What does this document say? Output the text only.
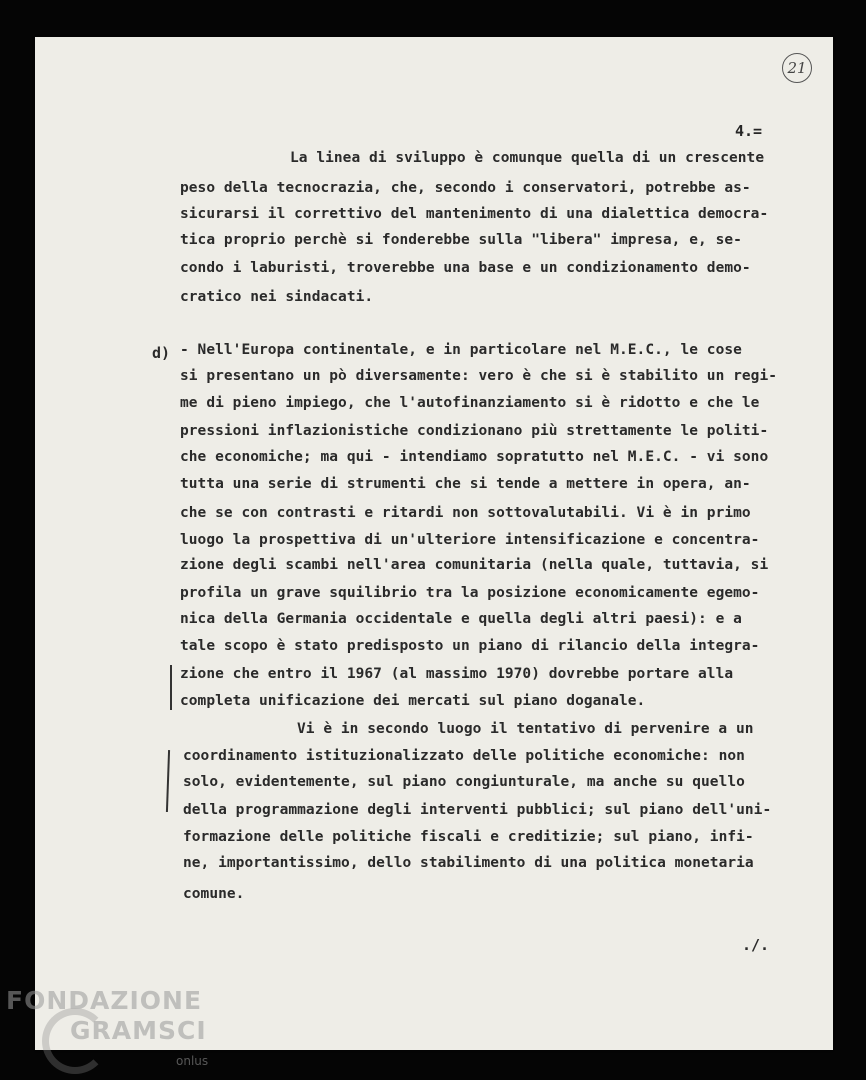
21
4.=
La linea di sviluppo è comunque quella di un crescente
peso della tecnocrazia, che, secondo i conservatori, potrebbe as-
sicurarsi il correttivo del mantenimento di una dialettica democra-
tica proprio perchè si fonderebbe sulla "libera" impresa, e, se-
condo i laburisti, troverebbe una base e un condizionamento demo-
cratico nei sindacati.
d) - Nell'Europa continentale, e in particolare nel M.E.C., le cose
si presentano un pò diversamente: vero è che si è stabilito un regi-
me di pieno impiego, che l'autofinanziamento si è ridotto e che le
pressioni inflazionistiche condizionano più strettamente le politi-
che economiche; ma qui - intendiamo sopratutto nel M.E.C. - vi sono
tutta una serie di strumenti che si tende a mettere in opera, an-
che se con contrasti e ritardi non sottovalutabili. Vi è in primo
luogo la prospettiva di un'ulteriore intensificazione e concentra-
zione degli scambi nell'area comunitaria (nella quale, tuttavia, si
profila un grave squilibrio tra la posizione economicamente egemo-
nica della Germania occidentale e quella degli altri paesi): e a
tale scopo è stato predisposto un piano di rilancio della integra-
zione che entro il 1967 (al massimo 1970) dovrebbe portare alla
completa unificazione dei mercati sul piano doganale.
Vi è in secondo luogo il tentativo di pervenire a un
coordinamento istituzionalizzato delle politiche economiche: non
solo, evidentemente, sul piano congiunturale, ma anche su quello
della programmazione degli interventi pubblici; sul piano dell'uni-
formazione delle politiche fiscali e creditizie; sul piano, infi-
ne, importantissimo, dello stabilimento di una politica monetaria
comune.
./.
FONDAZIONE
GRAMSCI
onlus
